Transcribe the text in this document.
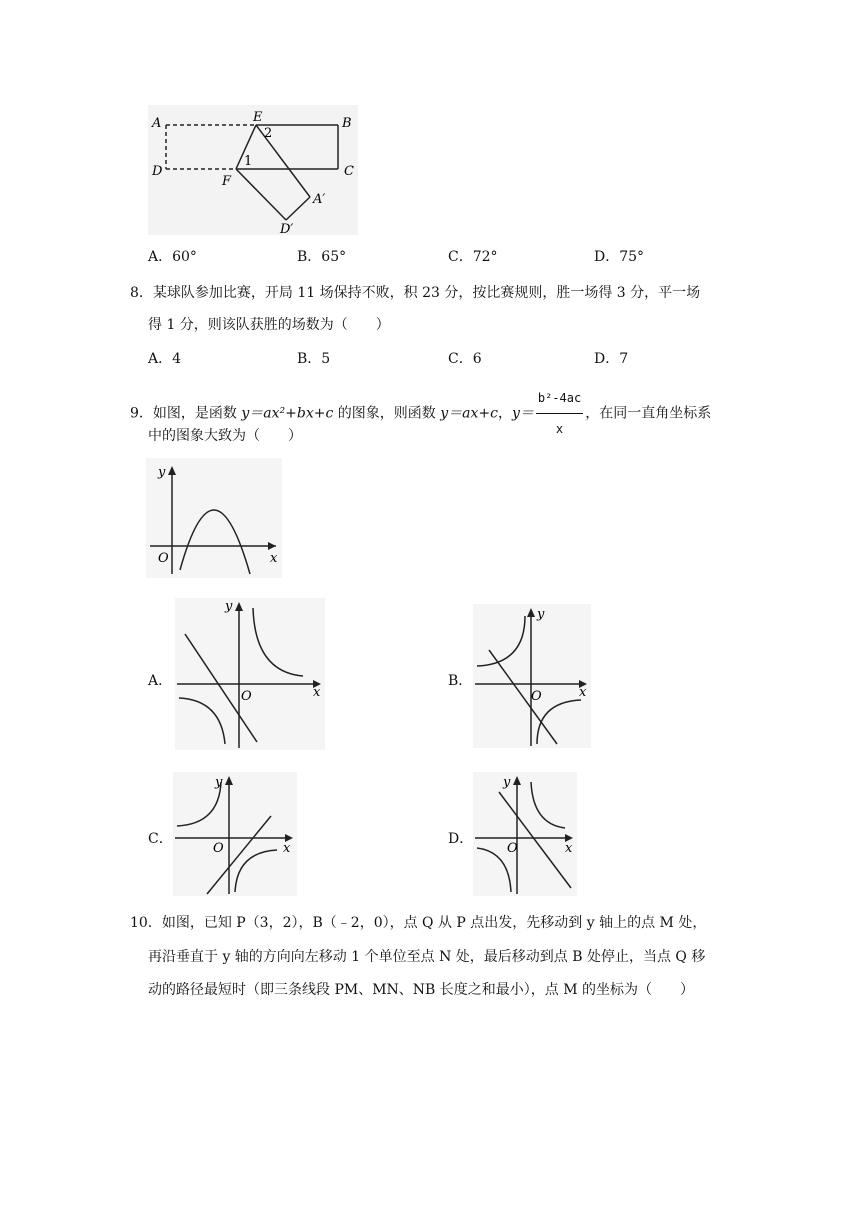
A
D
E	B
C
F
A′
D′
1
2
A．60°	B．65°	C．72°	D．75°
8．某球队参加比赛，开局 11 场保持不败，积 23 分，按比赛规则，胜一场得 3 分，平一场
得 1 分，则该队获胜的场数为（　　）
A．4	B．5	C．6	D．7
9．如图，是函数 y＝ax²+bx+c 的图象，则函数 y＝ax+c，$y= \frac{\text{b²-4ac}}{x}$ ，在同一直角坐标系
中的图象大致为（　　）
x
y
O
A．
x
y
O
B．
x
y
O
C．
x
y
O
D．
x
y
O
10．如图，已知 P（3，2），B（﹣2，0），点 Q 从 P 点出发，先移动到 y 轴上的点 M 处，
再沿垂直于 y 轴的方向向左移动 1 个单位至点 N 处，最后移动到点 B 处停止，当点 Q 移
动的路径最短时（即三条线段 PM、MN、NB 长度之和最小），点 M 的坐标为（　　）
